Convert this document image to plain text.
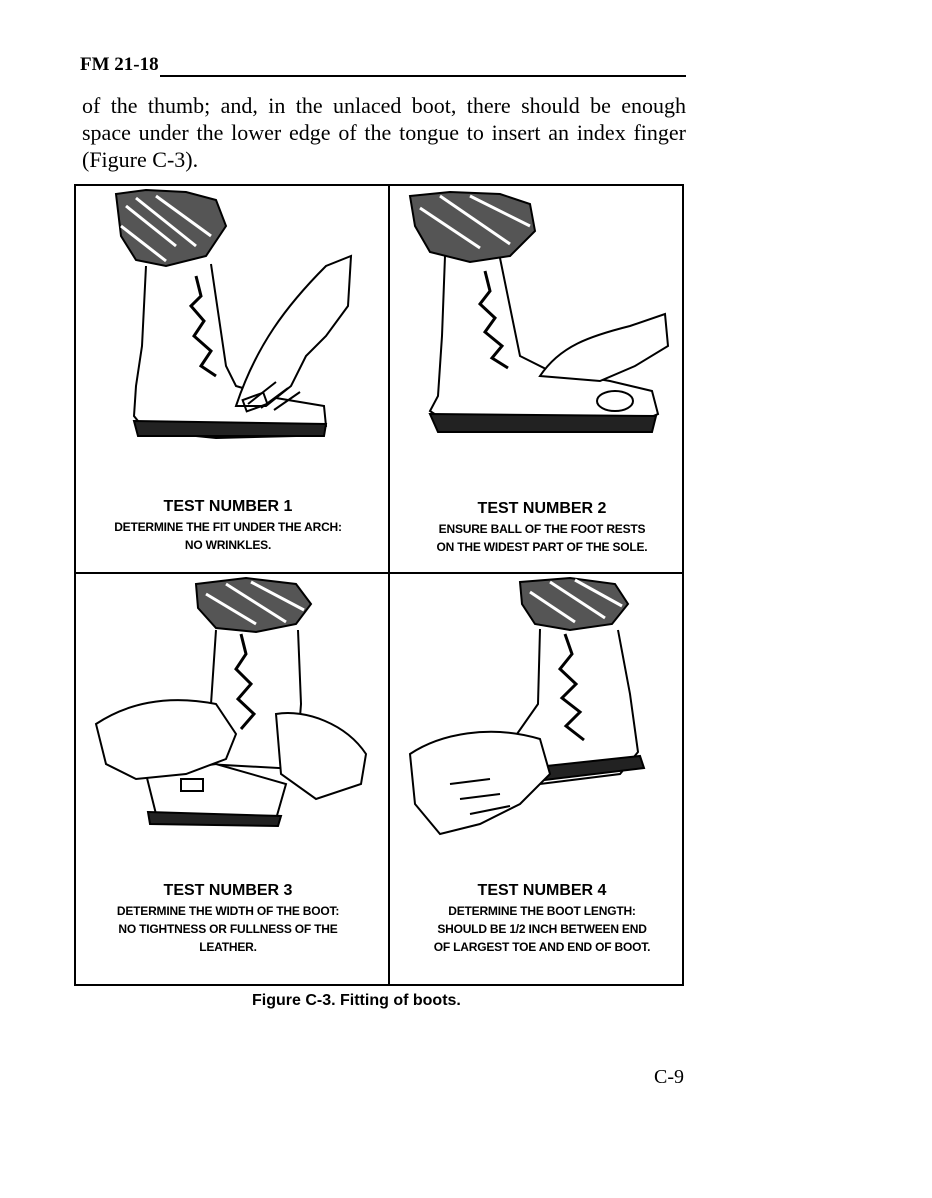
FM 21-18
of the thumb; and, in the unlaced boot, there should be enough space under the lower edge of the tongue to insert an index finger (Figure C-3).
TEST NUMBER 1
DETERMINE THE FIT UNDER THE ARCH:
NO WRINKLES.
TEST NUMBER 2
ENSURE BALL OF THE FOOT RESTS
ON THE WIDEST PART OF THE SOLE.
TEST NUMBER 3
DETERMINE THE WIDTH OF THE BOOT:
NO TIGHTNESS OR FULLNESS OF THE
LEATHER.
TEST NUMBER 4
DETERMINE THE BOOT LENGTH:
SHOULD BE 1/2 INCH BETWEEN END
OF LARGEST TOE AND END OF BOOT.
Figure C-3. Fitting of boots.
C-9
